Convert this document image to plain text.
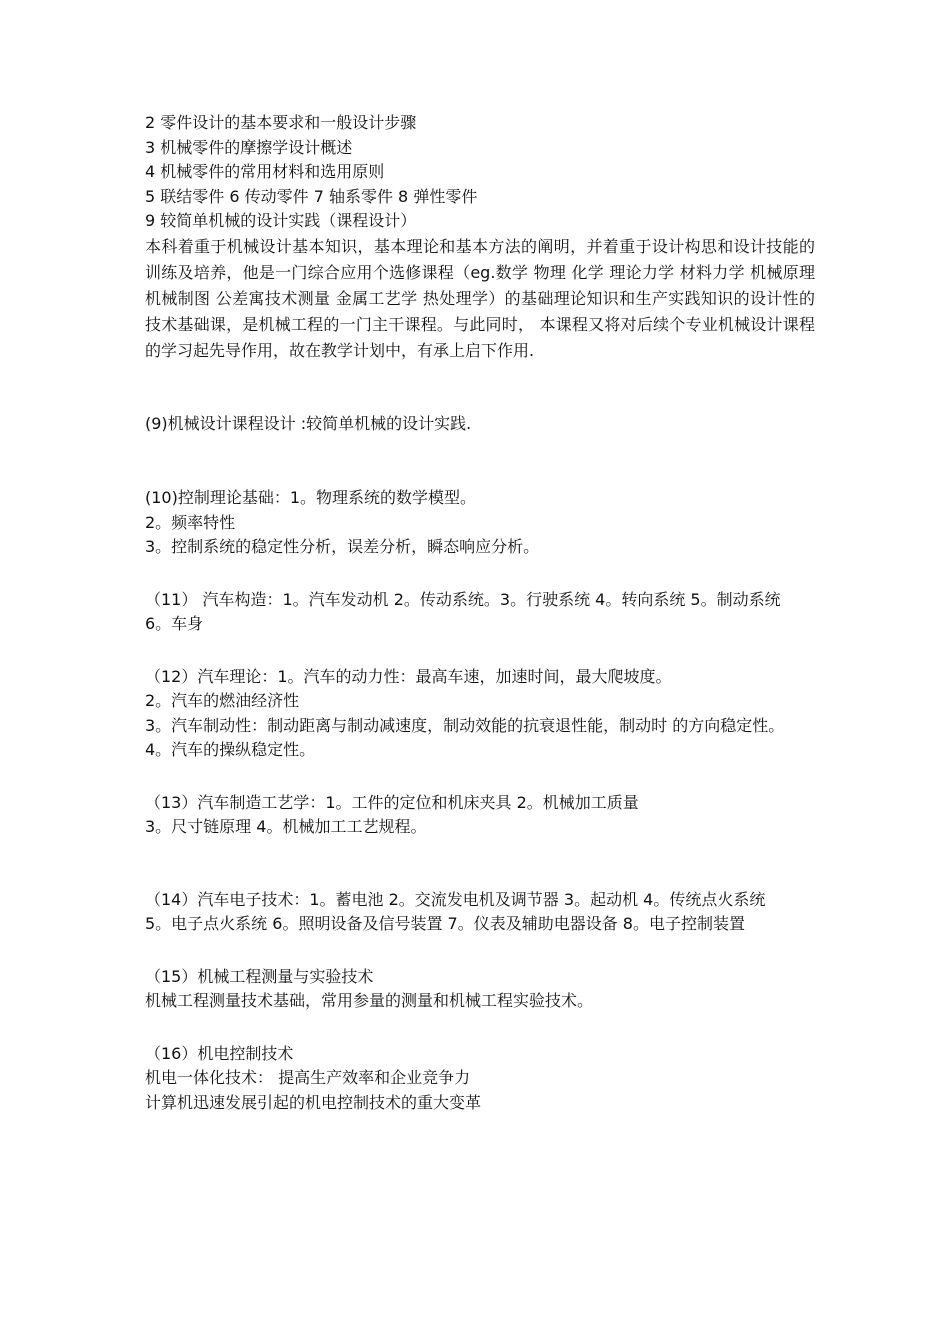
2 零件设计的基本要求和一般设计步骤

3 机械零件的摩擦学设计概述

4 机械零件的常用材料和选用原则

5 联结零件 6 传动零件 7 轴系零件 8 弹性零件

9 较简单机械的设计实践（课程设计）

本科着重于机械设计基本知识，基本理论和基本方法的阐明，并着重于设计构思和设计技能的训练及培养，他是一门综合应用个选修课程（eg.数学 物理 化学 理论力学 材料力学 机械原理 机械制图 公差寓技术测量 金属工艺学 热处理学）的基础理论知识和生产实践知识的设计性的技术基础课，是机械工程的一门主干课程。与此同时， 本课程又将对后续个专业机械设计课程的学习起先导作用，故在教学计划中，有承上启下作用.

(9)机械设计课程设计 :较简单机械的设计实践.

(10)控制理论基础：1。物理系统的数学模型。

2。频率特性

3。控制系统的稳定性分析，误差分析，瞬态响应分析。

（11） 汽车构造：1。汽车发动机 2。传动系统。3。行驶系统 4。转向系统 5。制动系统

6。车身

（12）汽车理论：1。汽车的动力性：最高车速，加速时间，最大爬坡度。

2。汽车的燃油经济性

3。汽车制动性：制动距离与制动减速度，制动效能的抗衰退性能，制动时 的方向稳定性。 4。汽车的操纵稳定性。

（13）汽车制造工艺学：1。工件的定位和机床夹具 2。机械加工质量

3。尺寸链原理 4。机械加工工艺规程。

（14）汽车电子技术：1。蓄电池 2。交流发电机及调节器 3。起动机 4。传统点火系统

5。电子点火系统 6。照明设备及信号装置 7。仪表及辅助电器设备 8。电子控制装置

（15）机械工程测量与实验技术

机械工程测量技术基础，常用参量的测量和机械工程实验技术。

（16）机电控制技术

机电一体化技术： 提高生产效率和企业竞争力

计算机迅速发展引起的机电控制技术的重大变革
